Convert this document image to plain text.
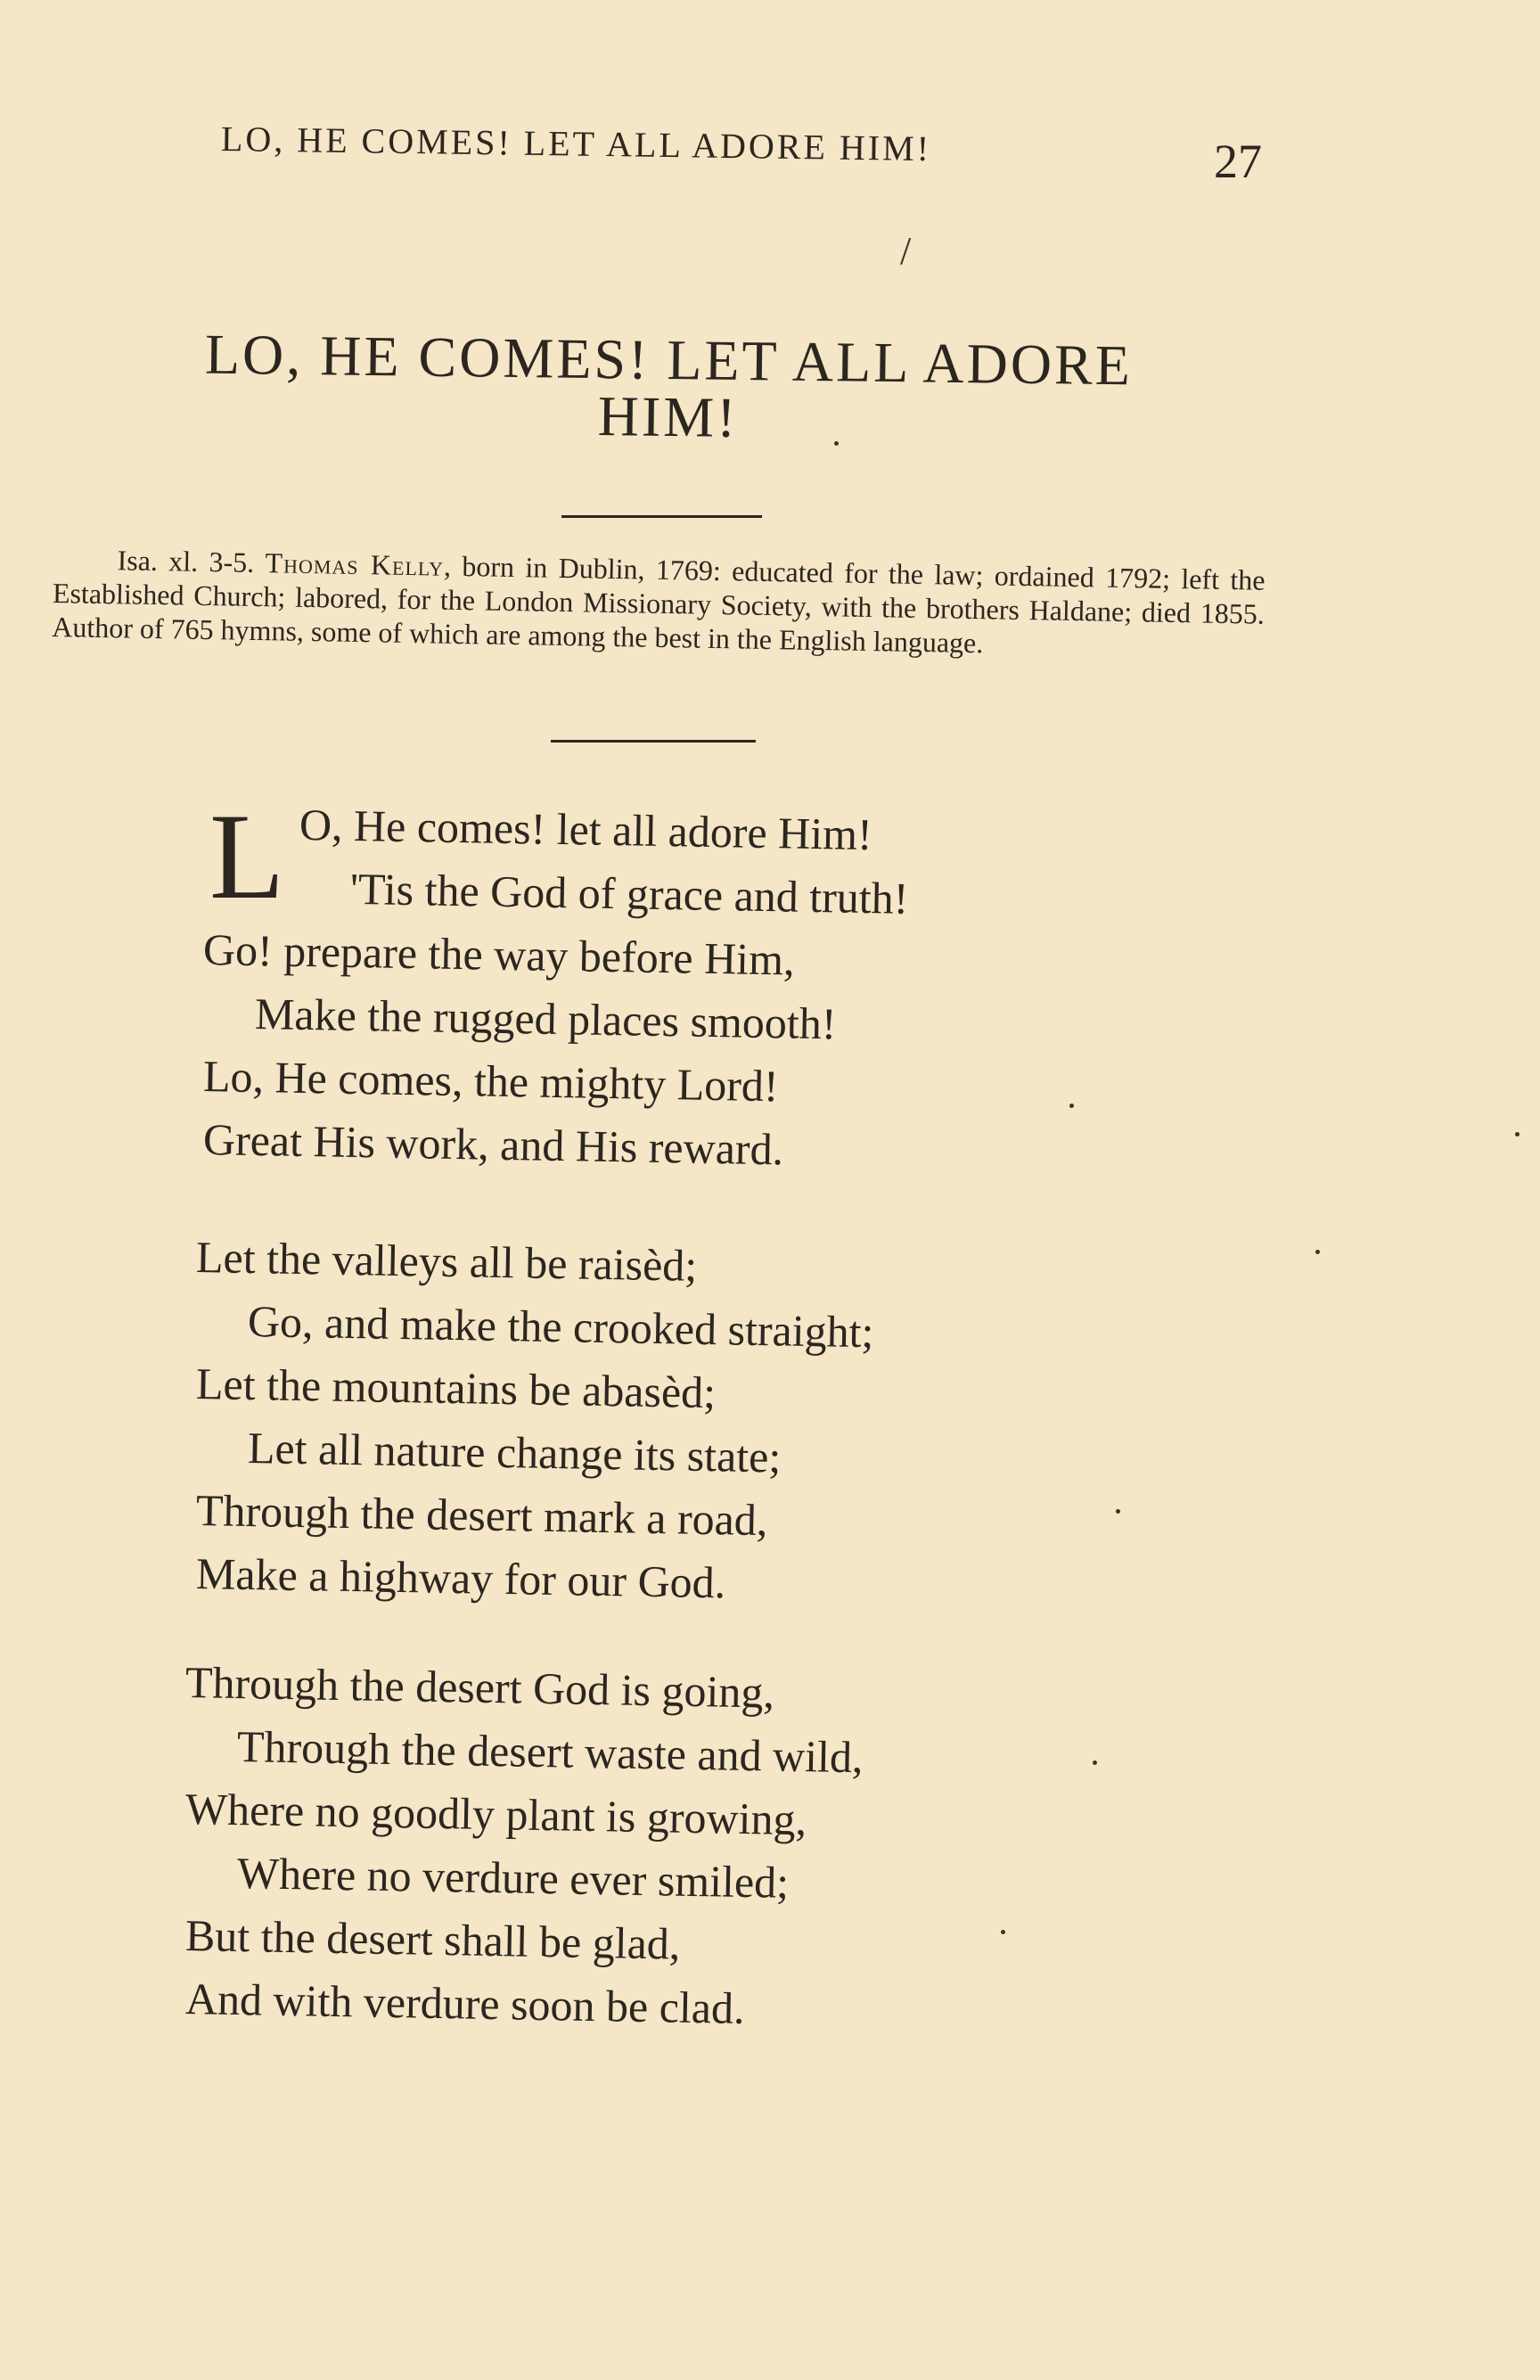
LO, HE COMES! LET ALL ADORE HIM!	27
/
LO, HE COMES! LET ALL ADORE
HIM!

Isa. xl. 3-5. Thomas Kelly, born in Dublin, 1769: educated for the law; ordained 1792; left the Established Church; labored, for the London Missionary Society, with the brothers Haldane; died 1855. Author of 765 hymns, some of which are among the best in the English language.

L O, He comes! let all adore Him!
'Tis the God of grace and truth!
Go! prepare the way before Him,
Make the rugged places smooth!
Lo, He comes, the mighty Lord!
Great His work, and His reward.
Let the valleys all be raisèd;
Go, and make the crooked straight;
Let the mountains be abasèd;
Let all nature change its state;
Through the desert mark a road,
Make a highway for our God.
Through the desert God is going,
Through the desert waste and wild,
Where no goodly plant is growing,
Where no verdure ever smiled;
But the desert shall be glad,
And with verdure soon be clad.
